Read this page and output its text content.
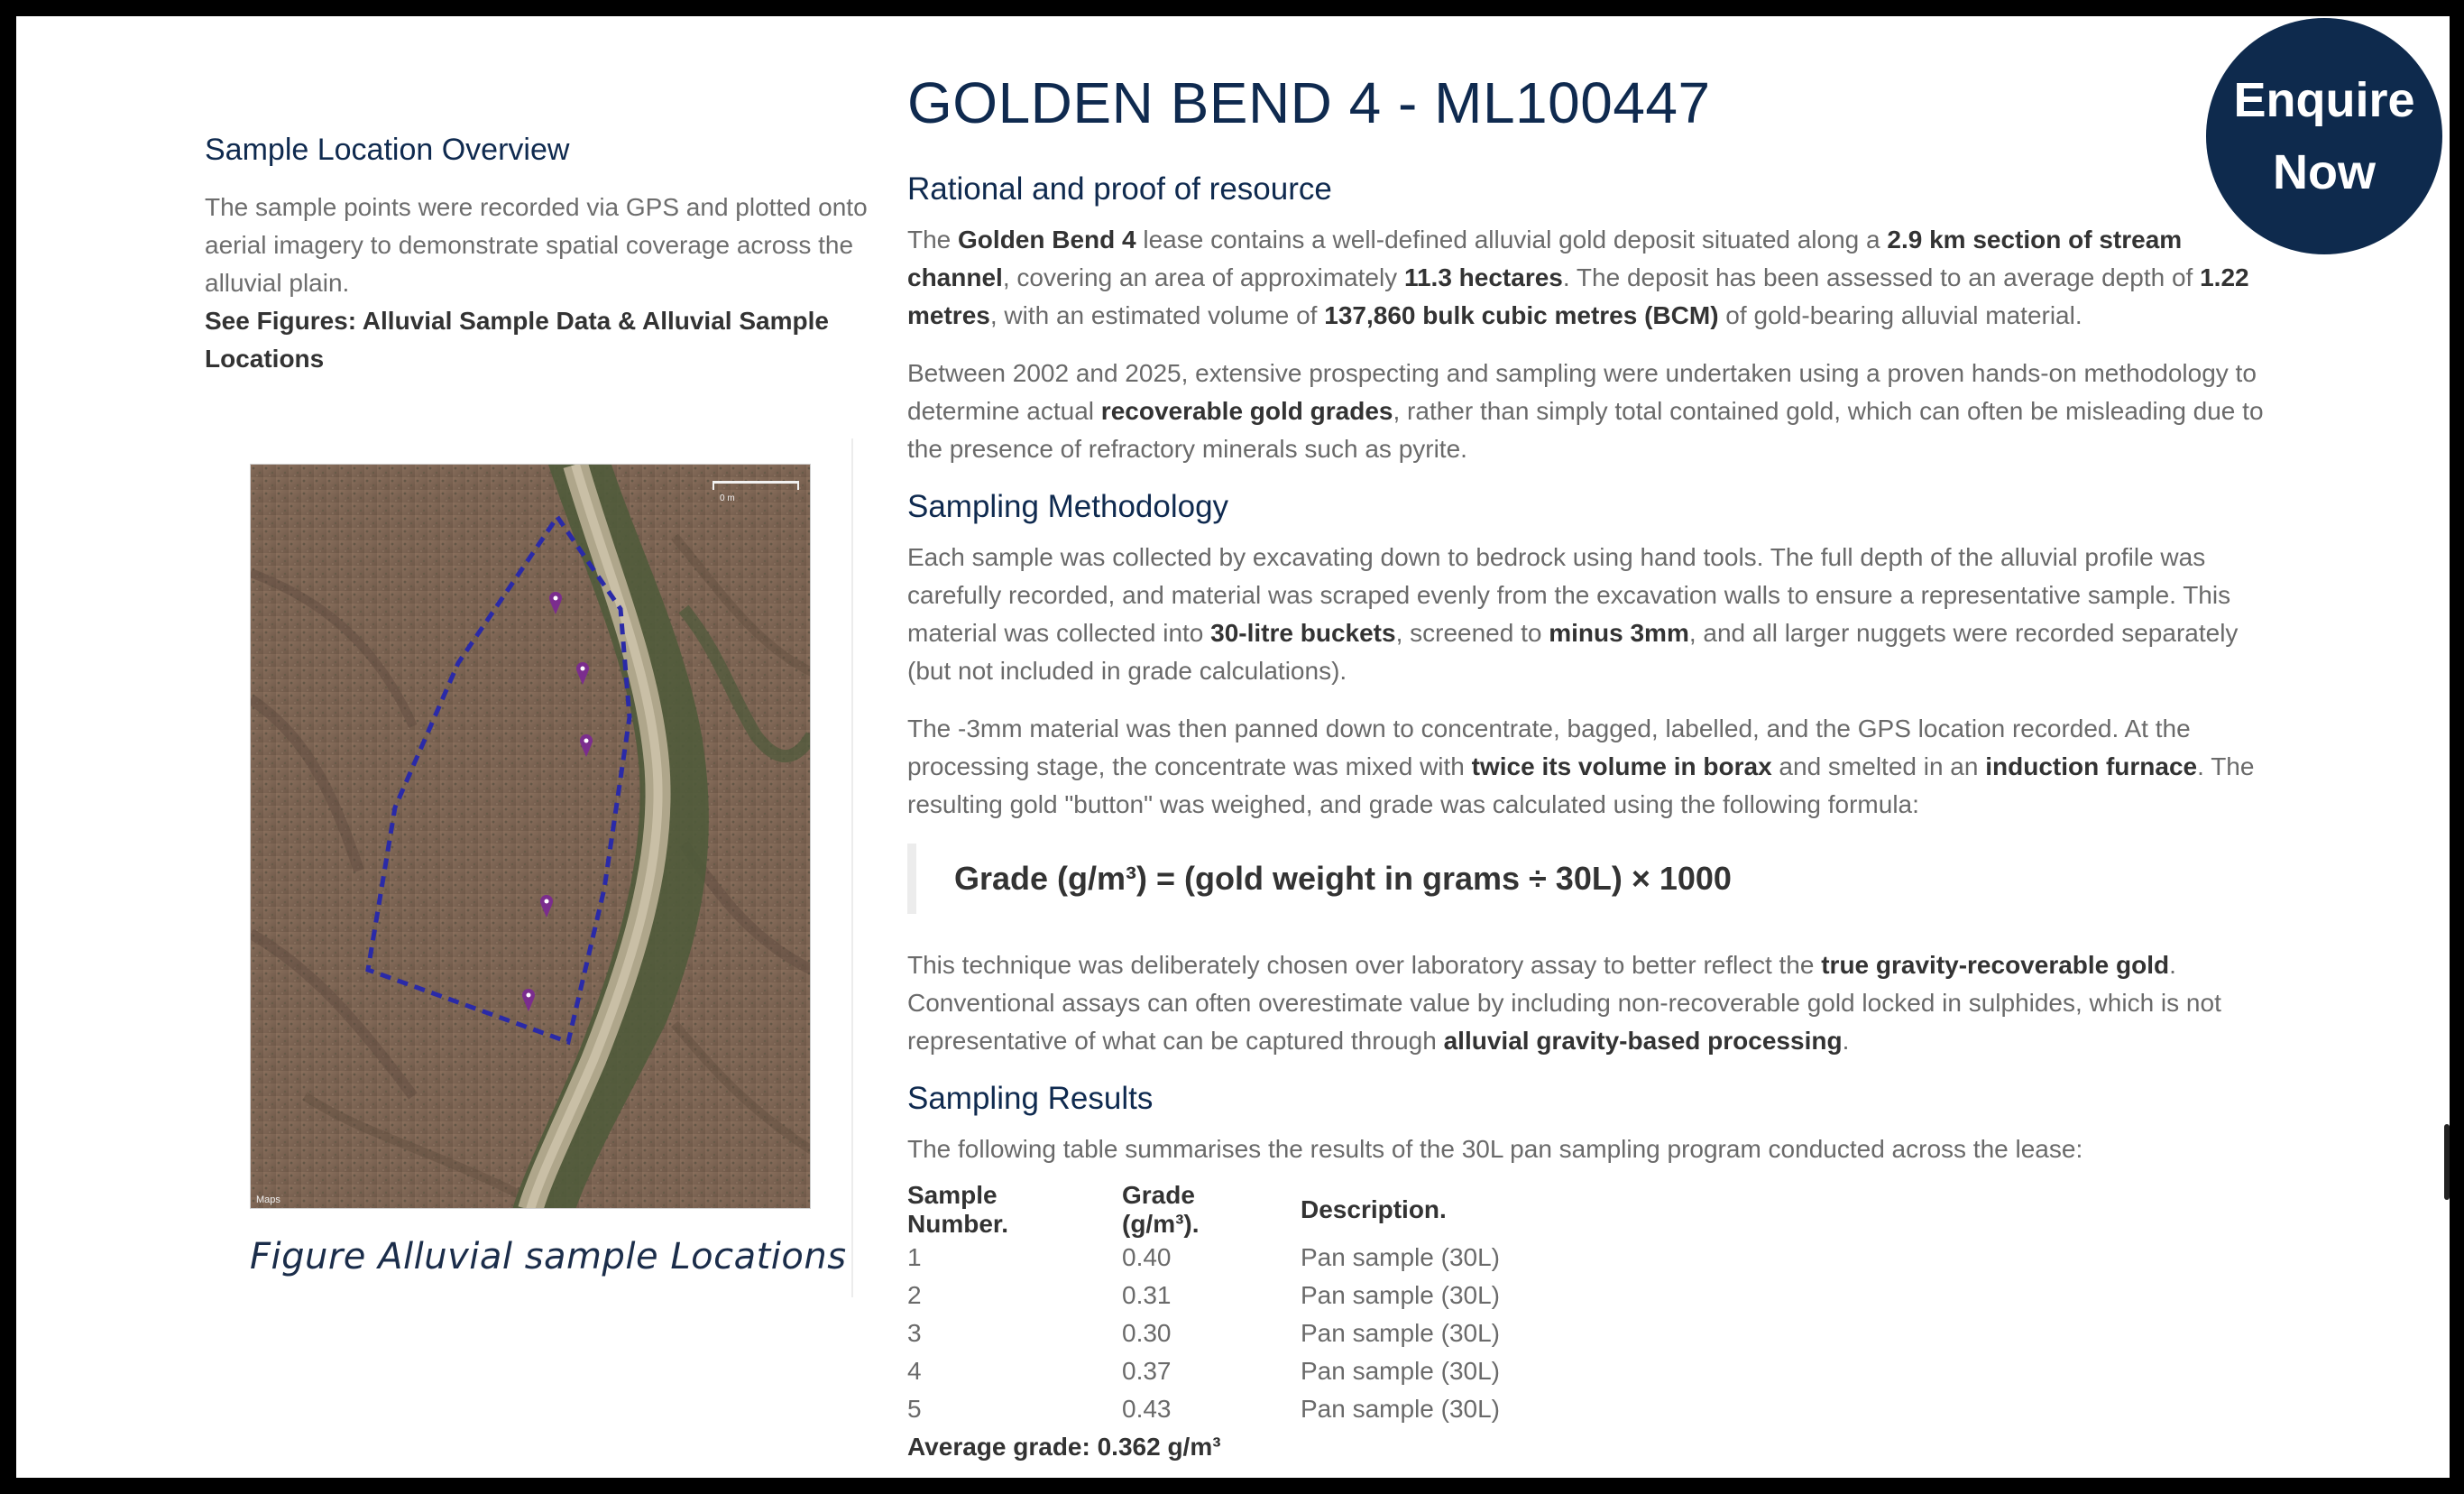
Sample Location Overview

The sample points were recorded via GPS and plotted onto aerial imagery to demonstrate spatial coverage across the alluvial plain.

See Figures: Alluvial Sample Data & Alluvial Sample Locations

0 m
Maps
Figure Alluvial sample Locations
GOLDEN BEND 4 - ML100447
Rational and proof of resource

The Golden Bend 4 lease contains a well-defined alluvial gold deposit situated along a 2.9 km section of stream channel, covering an area of approximately 11.3 hectares. The deposit has been assessed to an average depth of 1.22 metres, with an estimated volume of 137,860 bulk cubic metres (BCM) of gold-bearing alluvial material.

Between 2002 and 2025, extensive prospecting and sampling were undertaken using a proven hands-on methodology to determine actual recoverable gold grades, rather than simply total contained gold, which can often be misleading due to the presence of refractory minerals such as pyrite.

Sampling Methodology

Each sample was collected by excavating down to bedrock using hand tools. The full depth of the alluvial profile was carefully recorded, and material was scraped evenly from the excavation walls to ensure a representative sample. This material was collected into 30-litre buckets, screened to minus 3mm, and all larger nuggets were recorded separately (but not included in grade calculations).

The -3mm material was then panned down to concentrate, bagged, labelled, and the GPS location recorded. At the processing stage, the concentrate was mixed with twice its volume in borax and smelted in an induction furnace. The resulting gold "button" was weighed, and grade was calculated using the following formula:

Grade (g/m³) = (gold weight in grams ÷ 30L) × 1000

This technique was deliberately chosen over laboratory assay to better reflect the true gravity-recoverable gold. Conventional assays can often overestimate value by including non-recoverable gold locked in sulphides, which is not representative of what can be captured through alluvial gravity-based processing.

Sampling Results

The following table summarises the results of the 30L pan sampling program conducted across the lease:

Sample Number.	Grade (g/m³).	Description.
1	0.40	Pan sample (30L)
2	0.31	Pan sample (30L)
3	0.30	Pan sample (30L)
4	0.37	Pan sample (30L)
5	0.43	Pan sample (30L)
Average grade: 0.362 g/m³
Enquire
Now
